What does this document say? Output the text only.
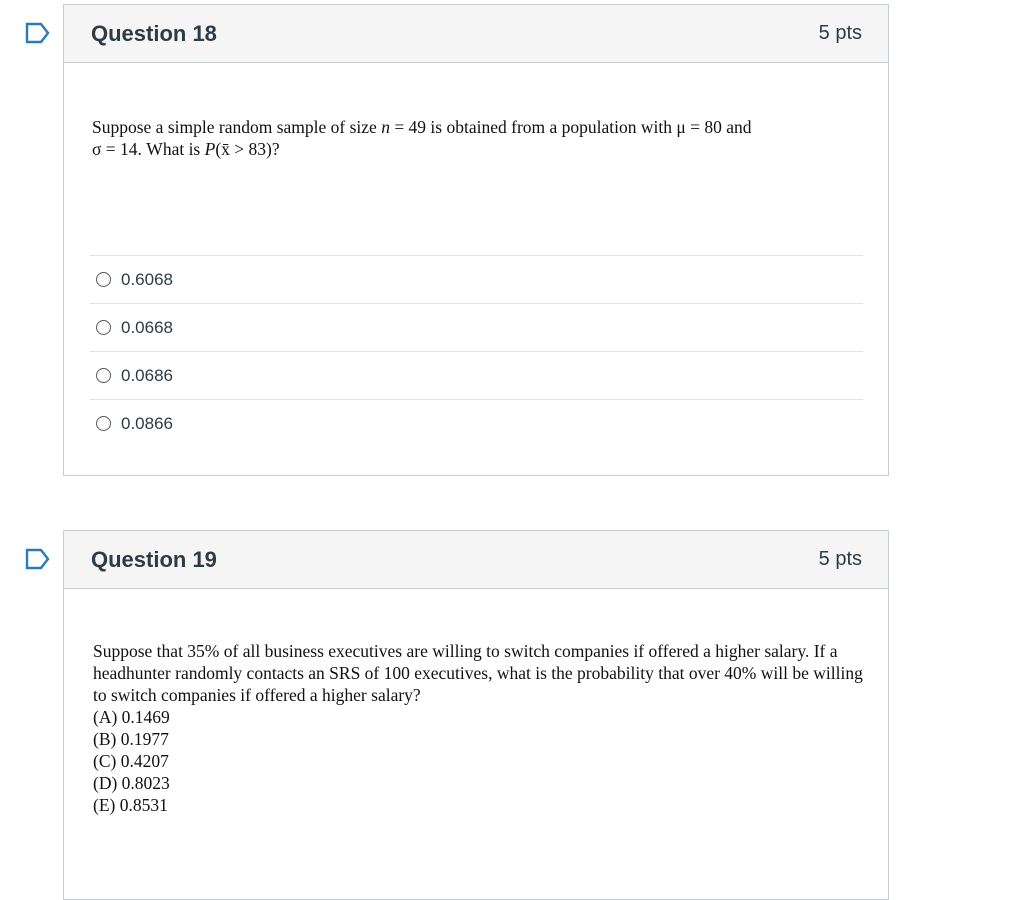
Question 18	5 pts
Suppose a simple random sample of size n = 49 is obtained from a population with μ = 80 and
σ = 14. What is P(x̄ > 83)?
0.6068
0.0668
0.0686
0.0866
Question 19	5 pts
Suppose that 35% of all business executives are willing to switch companies if offered a higher salary. If a headhunter randomly contacts an SRS of 100 executives, what is the probability that over 40% will be willing to switch companies if offered a higher salary?
(A) 0.1469
(B) 0.1977
(C) 0.4207
(D) 0.8023
(E) 0.8531
